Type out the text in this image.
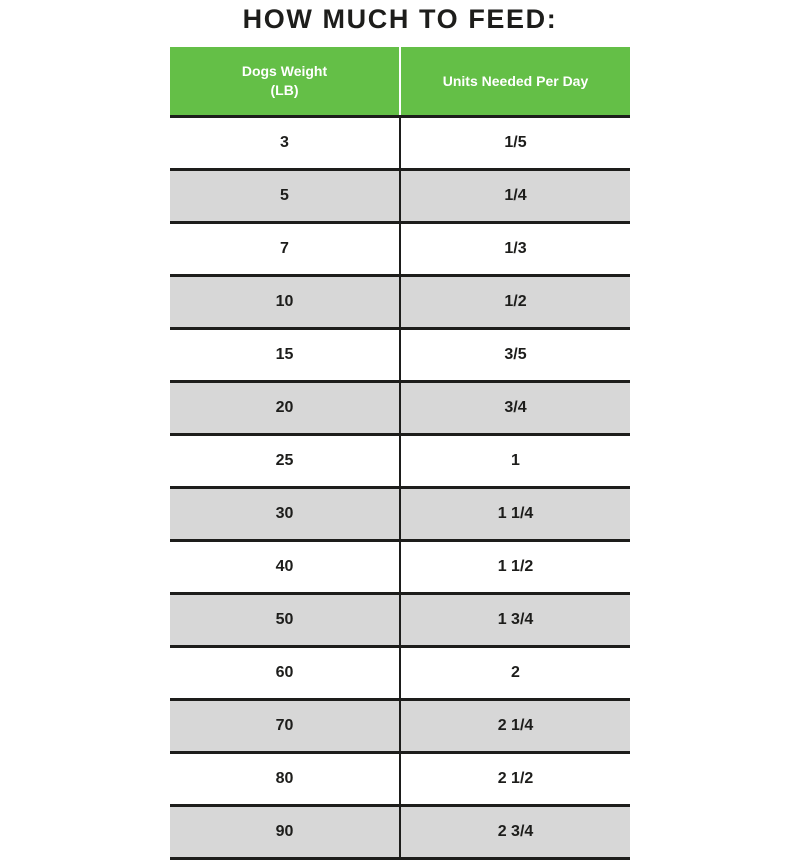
HOW MUCH TO FEED:
Dogs Weight
(LB)	Units Needed Per Day

3	1/5
5	1/4
7	1/3
10	1/2
15	3/5
20	3/4
25	1
30	1 1/4
40	1 1/2
50	1 3/4
60	2
70	2 1/4
80	2 1/2
90	2 3/4
